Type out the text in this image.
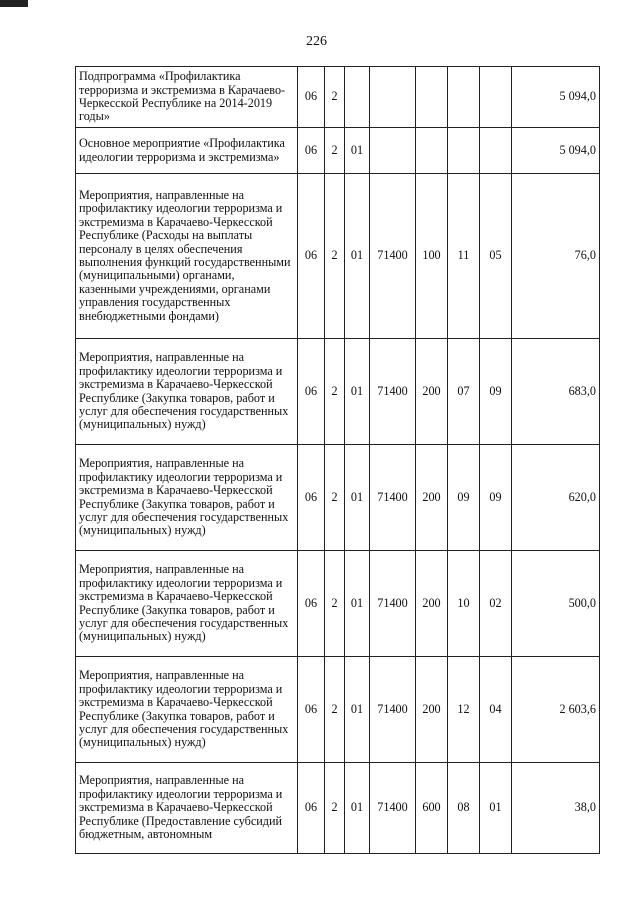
226
Подпрограмма «Профилактика терроризма и экстремизма в Карачаево-Черкесской Республике на 2014-2019 годы»	06	2						5 094,0
Основное мероприятие «Профилактика идеологии терроризма и экстремизма»	06	2	01					5 094,0
Мероприятия, направленные на профилактику идеологии терроризма и экстремизма в Карачаево-Черкесской Республике (Расходы на выплаты персоналу в целях обеспечения выполнения функций государственными (муниципальными) органами, казенными учреждениями, органами управления государственных внебюджетными фондами)	06	2	01	71400	100	11	05	76,0
Мероприятия, направленные на профилактику идеологии терроризма и экстремизма в Карачаево-Черкесской Республике (Закупка товаров, работ и услуг для обеспечения государственных (муниципальных) нужд)	06	2	01	71400	200	07	09	683,0
Мероприятия, направленные на профилактику идеологии терроризма и экстремизма в Карачаево-Черкесской Республике (Закупка товаров, работ и услуг для обеспечения государственных (муниципальных) нужд)	06	2	01	71400	200	09	09	620,0
Мероприятия, направленные на профилактику идеологии терроризма и экстремизма в Карачаево-Черкесской Республике (Закупка товаров, работ и услуг для обеспечения государственных (муниципальных) нужд)	06	2	01	71400	200	10	02	500,0
Мероприятия, направленные на профилактику идеологии терроризма и экстремизма в Карачаево-Черкесской Республике (Закупка товаров, работ и услуг для обеспечения государственных (муниципальных) нужд)	06	2	01	71400	200	12	04	2 603,6
Мероприятия, направленные на профилактику идеологии терроризма и экстремизма в Карачаево-Черкесской Республике (Предоставление субсидий бюджетным, автономным	06	2	01	71400	600	08	01	38,0
